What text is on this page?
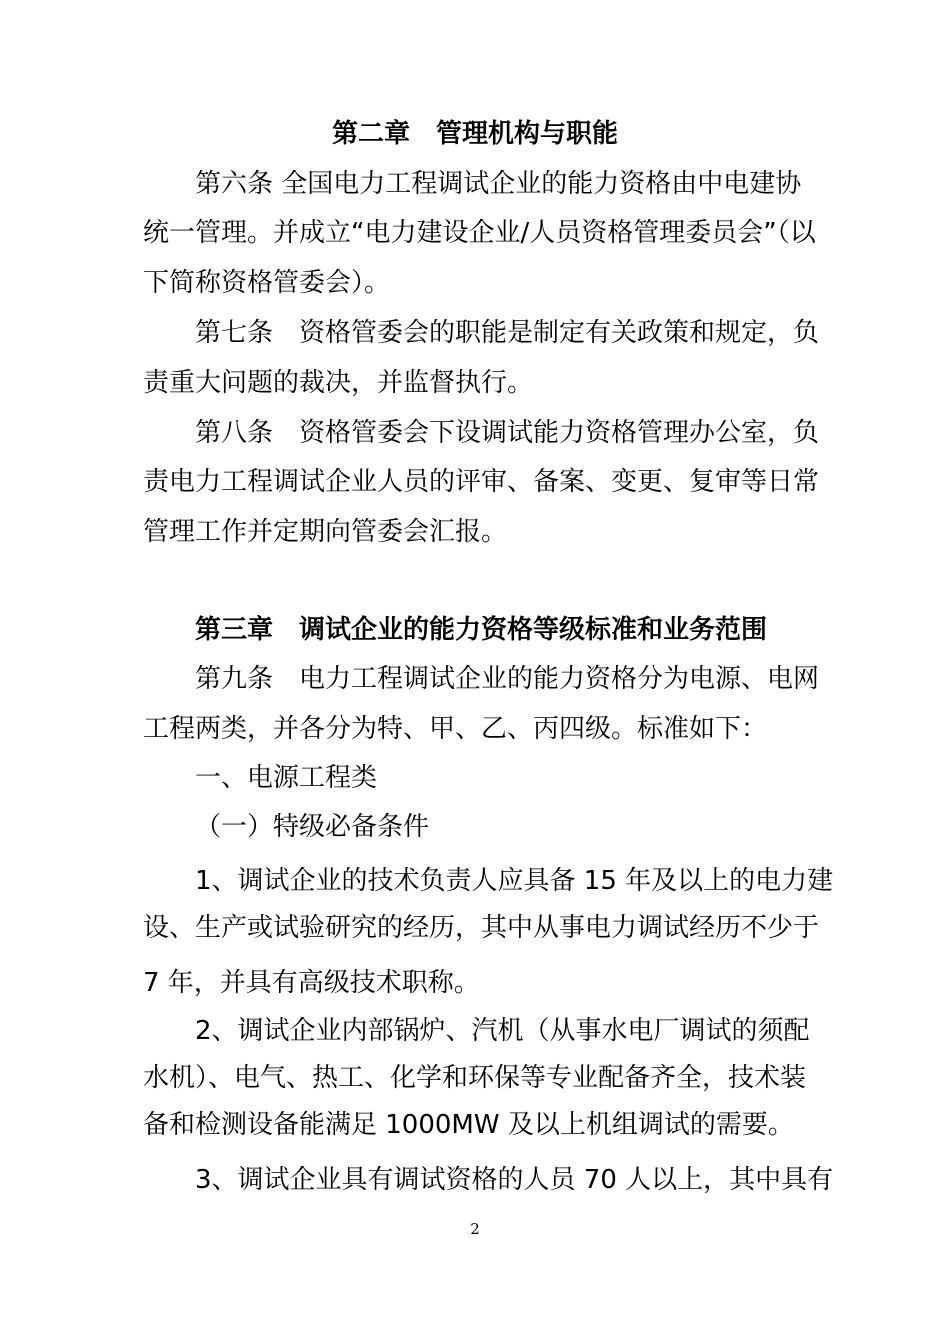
第二章　管理机构与职能
第六条 全国电力工程调试企业的能力资格由中电建协
统一管理。并成立“电力建设企业/人员资格管理委员会”（以
下简称资格管委会）。
第七条　资格管委会的职能是制定有关政策和规定，负
责重大问题的裁决，并监督执行。
第八条　资格管委会下设调试能力资格管理办公室，负
责电力工程调试企业人员的评审、备案、变更、复审等日常
管理工作并定期向管委会汇报。
第三章　调试企业的能力资格等级标准和业务范围
第九条　电力工程调试企业的能力资格分为电源、电网
工程两类，并各分为特、甲、乙、丙四级。标准如下：
一、电源工程类
（一）特级必备条件
1、调试企业的技术负责人应具备 15 年及以上的电力建
设、生产或试验研究的经历，其中从事电力调试经历不少于
7 年，并具有高级技术职称。
2、调试企业内部锅炉、汽机（从事水电厂调试的须配
水机）、电气、热工、化学和环保等专业配备齐全，技术装
备和检测设备能满足 1000MW 及以上机组调试的需要。
3、调试企业具有调试资格的人员 70 人以上，其中具有
2
